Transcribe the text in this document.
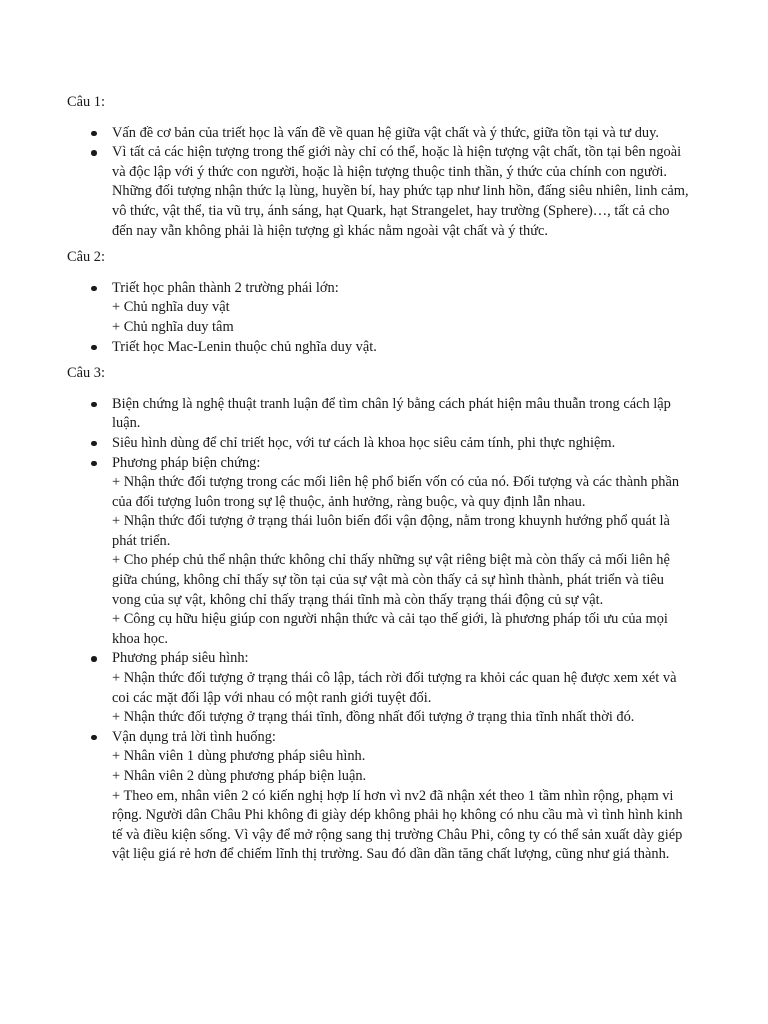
Câu 1:
Vấn đề cơ bản của triết học là vấn đề về quan hệ giữa vật chất và ý thức, giữa tồn tại và tư duy.
Vì tất cả các hiện tượng trong thế giới này chỉ có thể, hoặc là hiện tượng vật chất, tồn tại bên ngoài và độc lập với ý thức con người, hoặc là hiện tượng thuộc tinh thần, ý thức của chính con người. Những đối tượng nhận thức lạ lùng, huyền bí, hay phức tạp như linh hồn, đấng siêu nhiên, linh cảm, vô thức, vật thể, tia vũ trụ, ánh sáng, hạt Quark, hạt Strangelet, hay trường (Sphere)…, tất cả cho đến nay vẫn không phải là hiện tượng gì khác nằm ngoài vật chất và ý thức.
Câu 2:
Triết học phân thành 2 trường phái lớn:
+ Chủ nghĩa duy vật
+ Chủ nghĩa duy tâm
Triết học Mac-Lenin thuộc chủ nghĩa duy vật.
Câu 3:
Biện chứng là nghệ thuật tranh luận để tìm chân lý bằng cách phát hiện mâu thuẫn trong cách lập luận.
Siêu hình dùng để chỉ triết học, với tư cách là khoa học siêu cảm tính, phi thực nghiệm.
Phương pháp biện chứng:
+ Nhận thức đối tượng trong các mối liên hệ phổ biến vốn có của nó. Đối tượng và các thành phần của đối tượng luôn trong sự lệ thuộc, ảnh hưởng, ràng buộc, và quy định lẫn nhau.
+ Nhận thức đối tượng ở trạng thái luôn biến đổi vận động, nằm trong khuynh hướng phổ quát là phát triển.
+ Cho phép chủ thể nhận thức không chỉ thấy những sự vật riêng biệt mà còn thấy cả mối liên hệ giữa chúng, không chỉ thấy sự tồn tại của sự vật mà còn thấy cả sự hình thành, phát triển và tiêu vong của sự vật, không chỉ thấy trạng thái tĩnh mà còn thấy trạng thái động củ sự vật.
+ Công cụ hữu hiệu giúp con người nhận thức và cải tạo thế giới, là phương pháp tối ưu của mọi khoa học.
Phương pháp siêu hình:
+ Nhận thức đối tượng ở trạng thái cô lập, tách rời đối tượng ra khỏi các quan hệ được xem xét và coi các mặt đối lập với nhau có một ranh giới tuyệt đối.
+ Nhận thức đối tượng ở trạng thái tĩnh, đồng nhất đối tượng ở trạng thia tĩnh nhất thời đó.
Vận dụng trả lời tình huống:
+ Nhân viên 1 dùng phương pháp siêu hình.
+ Nhân viên 2 dùng phương pháp biện luận.
+ Theo em, nhân viên 2 có kiến nghị hợp lí hơn vì nv2 đã nhận xét theo 1 tầm nhìn rộng, phạm vi rộng. Người dân Châu Phi không đi giày dép không phải họ không có nhu cầu mà vì tình hình kinh tế và điều kiện sống. Vì vậy để mở rộng sang thị trường Châu Phi, công ty có thể sản xuất dày giép vật liệu giá rẻ hơn để chiếm lĩnh thị trường. Sau đó dần dần tăng chất lượng, cũng như giá thành.
